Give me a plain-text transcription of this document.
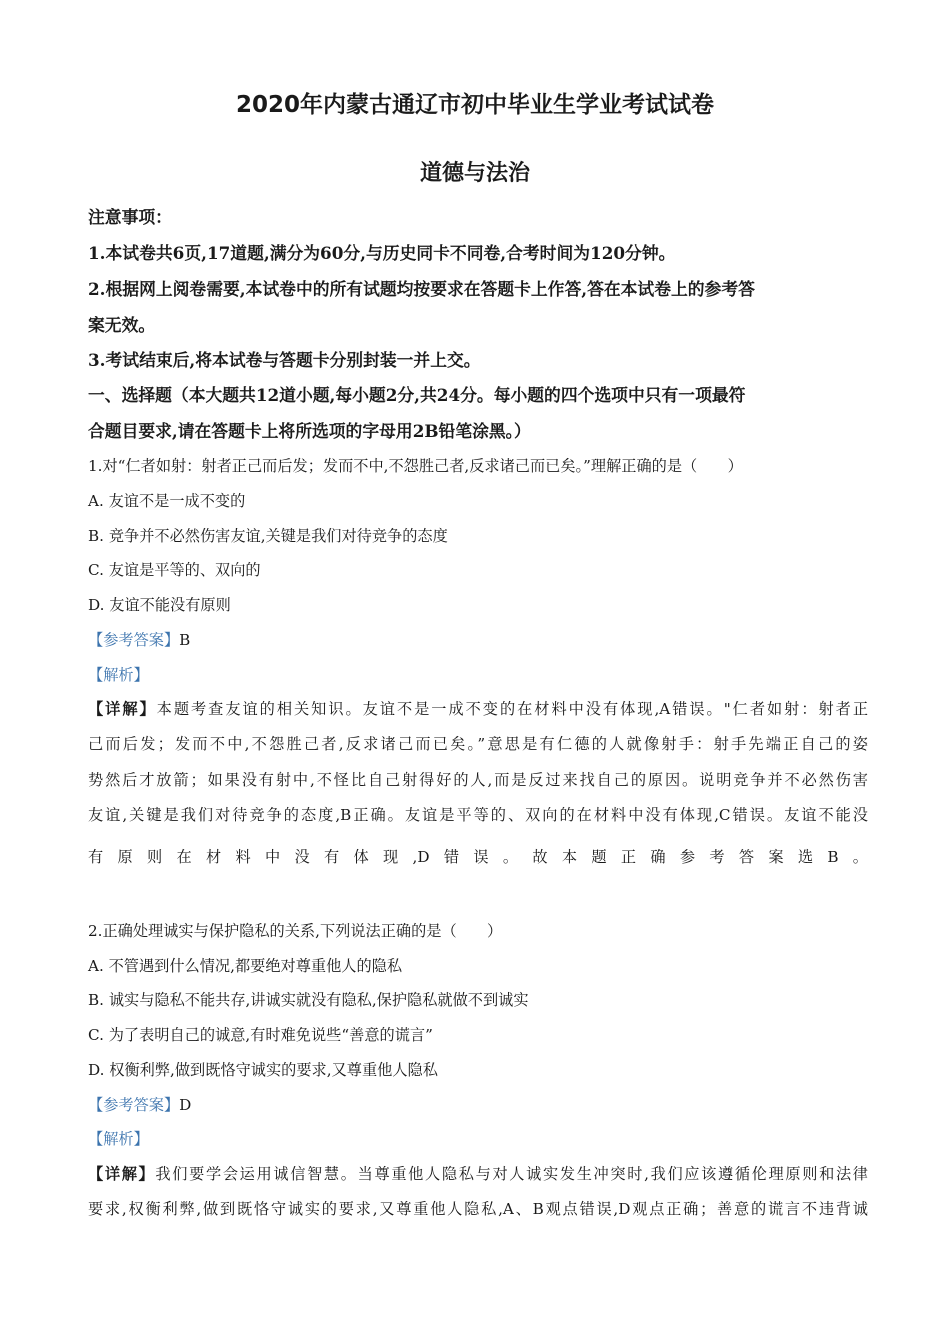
2020年内蒙古通辽市初中毕业生学业考试试卷
道德与法治
注意事项：
1.本试卷共6页,17道题,满分为60分,与历史同卡不同卷,合考时间为120分钟。
2.根据网上阅卷需要,本试卷中的所有试题均按要求在答题卡上作答,答在本试卷上的参考答
案无效。
3.考试结束后,将本试卷与答题卡分别封装一并上交。
一、选择题（本大题共12道小题,每小题2分,共24分。每小题的四个选项中只有一项最符
合题目要求,请在答题卡上将所选项的字母用2B铅笔涂黑。）
1.对“仁者如射：射者正己而后发；发而不中,不怨胜己者,反求诸己而已矣。”理解正确的是（　　）
A. 友谊不是一成不变的
B. 竞争并不必然伤害友谊,关键是我们对待竞争的态度
C. 友谊是平等的、双向的
D. 友谊不能没有原则
【参考答案】B
【解析】
【详解】本题考查友谊的相关知识。友谊不是一成不变的在材料中没有体现,A错误。"仁者如射：射者正
己而后发；发而不中,不怨胜己者,反求诸己而已矣。”意思是有仁德的人就像射手：射手先端正自己的姿
势然后才放箭；如果没有射中,不怪比自己射得好的人,而是反过来找自己的原因。说明竞争并不必然伤害
友谊,关键是我们对待竞争的态度,B正确。友谊是平等的、双向的在材料中没有体现,C错误。友谊不能没
有原则在材料中没有体现,D错误。故本题正确参考答案选B。
2.正确处理诚实与保护隐私的关系,下列说法正确的是（　　）
A. 不管遇到什么情况,都要绝对尊重他人的隐私
B. 诚实与隐私不能共存,讲诚实就没有隐私,保护隐私就做不到诚实
C. 为了表明自己的诚意,有时难免说些“善意的谎言”
D. 权衡利弊,做到既恪守诚实的要求,又尊重他人隐私
【参考答案】D
【解析】
【详解】我们要学会运用诚信智慧。当尊重他人隐私与对人诚实发生冲突时,我们应该遵循伦理原则和法律
要求,权衡利弊,做到既恪守诚实的要求,又尊重他人隐私,A、B观点错误,D观点正确；善意的谎言不违背诚
